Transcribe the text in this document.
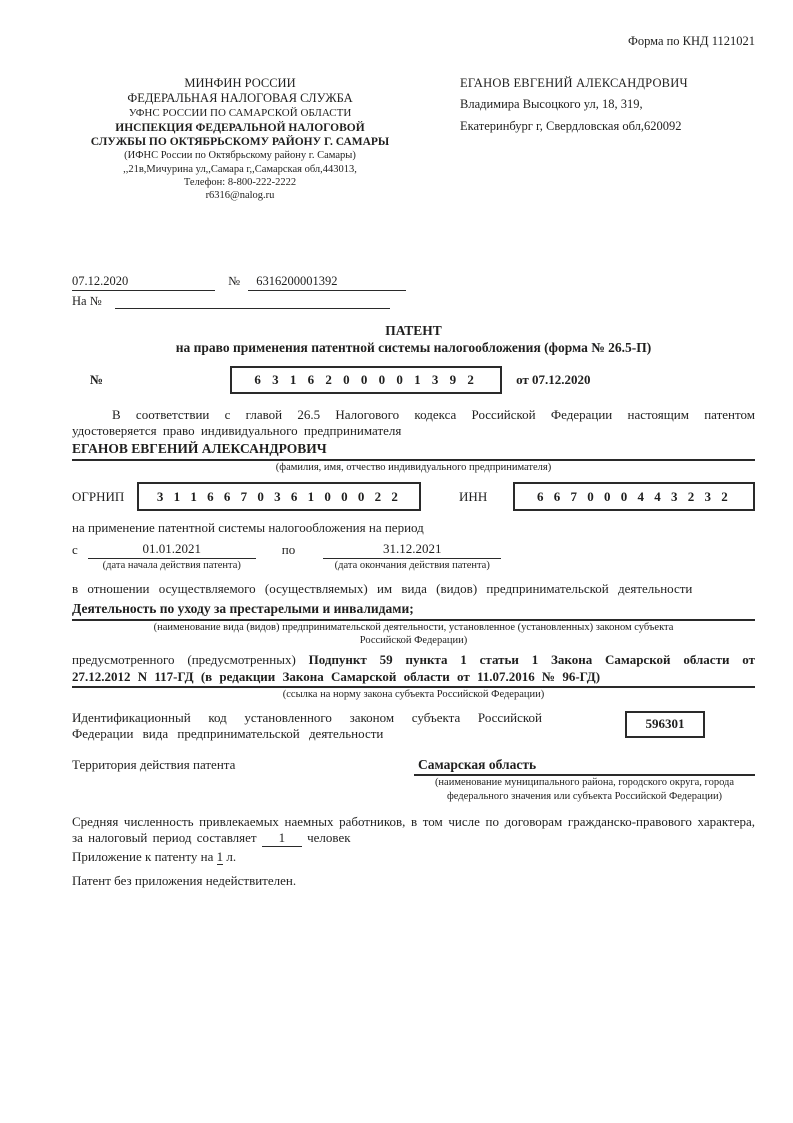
Форма по КНД 1121021
МИНФИН РОССИИ
ФЕДЕРАЛЬНАЯ НАЛОГОВАЯ СЛУЖБА
УФНС РОССИИ ПО САМАРСКОЙ ОБЛАСТИ
ИНСПЕКЦИЯ ФЕДЕРАЛЬНОЙ НАЛОГОВОЙ
СЛУЖБЫ ПО ОКТЯБРЬСКОМУ РАЙОНУ Г. САМАРЫ
(ИФНС России по Октябрьскому району г. Самары)
,,21в,Мичурина ул,,Самара г,,Самарская обл,443013,
Телефон: 8-800-222-2222
r6316@nalog.ru
ЕГАНОВ ЕВГЕНИЙ АЛЕКСАНДРОВИЧ
Владимира Высоцкого ул, 18, 319,
Екатеринбург г, Свердловская обл,620092
07.12.2020	№ 6316200001392
На №
ПАТЕНТ
на право применения патентной системы налогообложения (форма № 26.5-П)
№	6 3 1 6 2 0 0 0 0 1 3 9 2	от 07.12.2020
В соответствии с главой 26.5 Налогового кодекса Российской Федерации настоящим патентом удостоверяется право индивидуального предпринимателя
ЕГАНОВ ЕВГЕНИЙ АЛЕКСАНДРОВИЧ
(фамилия, имя, отчество индивидуального предпринимателя)
ОГРНИП	3 1 1 6 6 7 0 3 6 1 0 0 0 2 2	ИНН	6 6 7 0 0 0 4 4 3 2 3 2
на применение патентной системы налогообложения на период
с	01.01.2021
(дата начала действия патента)
по	31.12.2021
(дата окончания действия патента)
в отношении осуществляемого (осуществляемых) им вида (видов) предпринимательской деятельности
Деятельность по уходу за престарелыми и инвалидами;
(наименование вида (видов) предпринимательской деятельности, установленное (установленных) законом субъекта
Российской Федерации)
предусмотренного (предусмотренных) Подпункт 59 пункта 1 статьи 1 Закона Самарской области от 27.12.2012 N 117-ГД (в редакции Закона Самарской области от 11.07.2016 № 96-ГД)
(ссылка на норму закона субъекта Российской Федерации)
Идентификационный код установленного законом субъекта Российской Федерации вида предпринимательской деятельности
596301
Территория действия патента	Самарская область
(наименование муниципального района, городского округа, города
федерального значения или субъекта Российской Федерации)
Средняя численность привлекаемых наемных работников, в том числе по договорам гражданско-правового характера, за налоговый период составляет 1 человек
Приложение к патенту на 1 л.
Патент без приложения недействителен.
